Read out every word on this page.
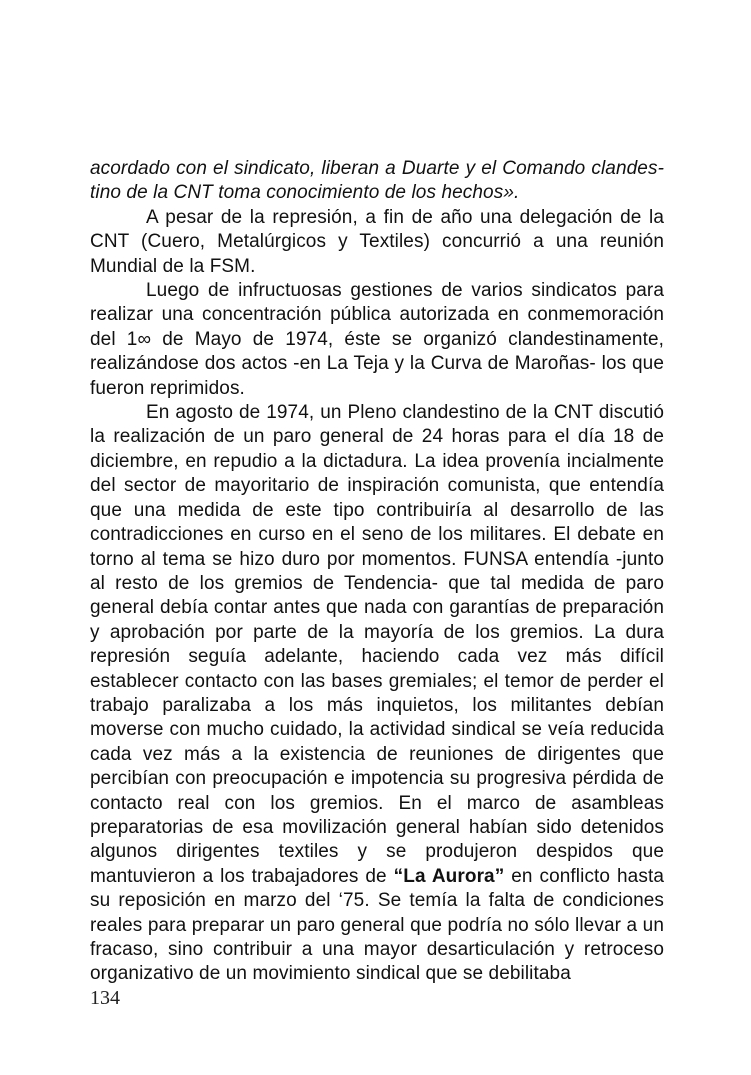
acordado con el sindicato, liberan a Duarte y el Comando clandes-tino de la CNT toma conocimiento de los hechos».

A pesar de la represión, a fin de año una delegación de la CNT (Cuero, Metalúrgicos y Textiles) concurrió a una reunión Mundial de la FSM.

Luego de infructuosas gestiones de varios sindicatos para realizar una concentración pública autorizada en conmemoración del 1∞ de Mayo de 1974, éste se organizó clandestinamente, realizándose dos actos -en La Teja y la Curva de Maroñas- los que fueron reprimidos.

En agosto de 1974, un Pleno clandestino de la CNT discutió la realización de un paro general de 24 horas para el día 18 de diciembre, en repudio a la dictadura. La idea provenía incialmente del sector de mayoritario de inspiración comunista, que entendía que una medida de este tipo contribuiría al desarrollo de las contradicciones en curso en el seno de los militares. El debate en torno al tema se hizo duro por momentos. FUNSA entendía -junto al resto de los gremios de Tendencia- que tal medida de paro general debía contar antes que nada con garantías de preparación y aprobación por parte de la mayoría de los gremios. La dura represión seguía adelante, haciendo cada vez más difícil establecer contacto con las bases gremiales; el temor de perder el trabajo paralizaba a los más inquietos, los militantes debían moverse con mucho cuidado, la actividad sindical se veía reducida cada vez más a la existencia de reuniones de dirigentes que percibían con preocupación e impotencia su progresiva pérdida de contacto real con los gremios. En el marco de asambleas preparatorias de esa movilización general habían sido detenidos algunos dirigentes textiles y se produjeron despidos que mantuvieron a los trabajadores de “La Aurora” en conflicto hasta su reposición en marzo del ‘75. Se temía la falta de condiciones reales para preparar un paro general que podría no sólo llevar a un fracaso, sino contribuir a una mayor desarticulación y retroceso organizativo de un movimiento sindical que se debilitaba

134
